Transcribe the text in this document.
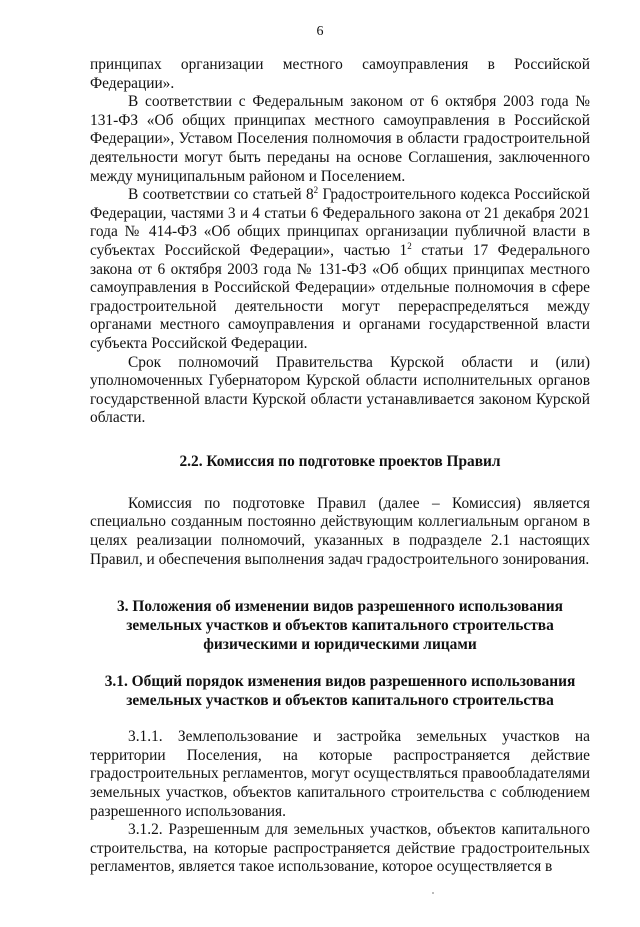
6

принципах организации местного самоуправления в Российской Федерации».

В соответствии с Федеральным законом от 6 октября 2003 года № 131-ФЗ «Об общих принципах местного самоуправления в Российской Федерации», Уставом Поселения полномочия в области градостроительной деятельности могут быть переданы на основе Соглашения, заключенного между муниципальным районом и Поселением.

В соответствии со статьей $8^2$ Градостроительного кодекса Российской Федерации, частями 3 и 4 статьи 6 Федерального закона от 21 декабря 2021 года № 414-ФЗ «Об общих принципах организации публичной власти в субъектах Российской Федерации», частью $1^2$ статьи 17 Федерального закона от 6 октября 2003 года № 131-ФЗ «Об общих принципах местного самоуправления в Российской Федерации» отдельные полномочия в сфере градостроительной деятельности могут перераспределяться между органами местного самоуправления и органами государственной власти субъекта Российской Федерации.

Срок полномочий Правительства Курской области и (или) уполномоченных Губернатором Курской области исполнительных органов государственной власти Курской области устанавливается законом Курской области.

2.2. Комиссия по подготовке проектов Правил

Комиссия по подготовке Правил (далее – Комиссия) является специально созданным постоянно действующим коллегиальным органом в целях реализации полномочий, указанных в подразделе 2.1 настоящих Правил, и обеспечения выполнения задач градостроительного зонирования.

3. Положения об изменении видов разрешенного использования земельных участков и объектов капитального строительства физическими и юридическими лицами
3.1. Общий порядок изменения видов разрешенного использования земельных участков и объектов капитального строительства

3.1.1. Землепользование и застройка земельных участков на территории Поселения, на которые распространяется действие градостроительных регламентов, могут осуществляться правообладателями земельных участков, объектов капитального строительства с соблюдением разрешенного использования.

3.1.2. Разрешенным для земельных участков, объектов капитального строительства, на которые распространяется действие градостроительных регламентов, является такое использование, которое осуществляется в
